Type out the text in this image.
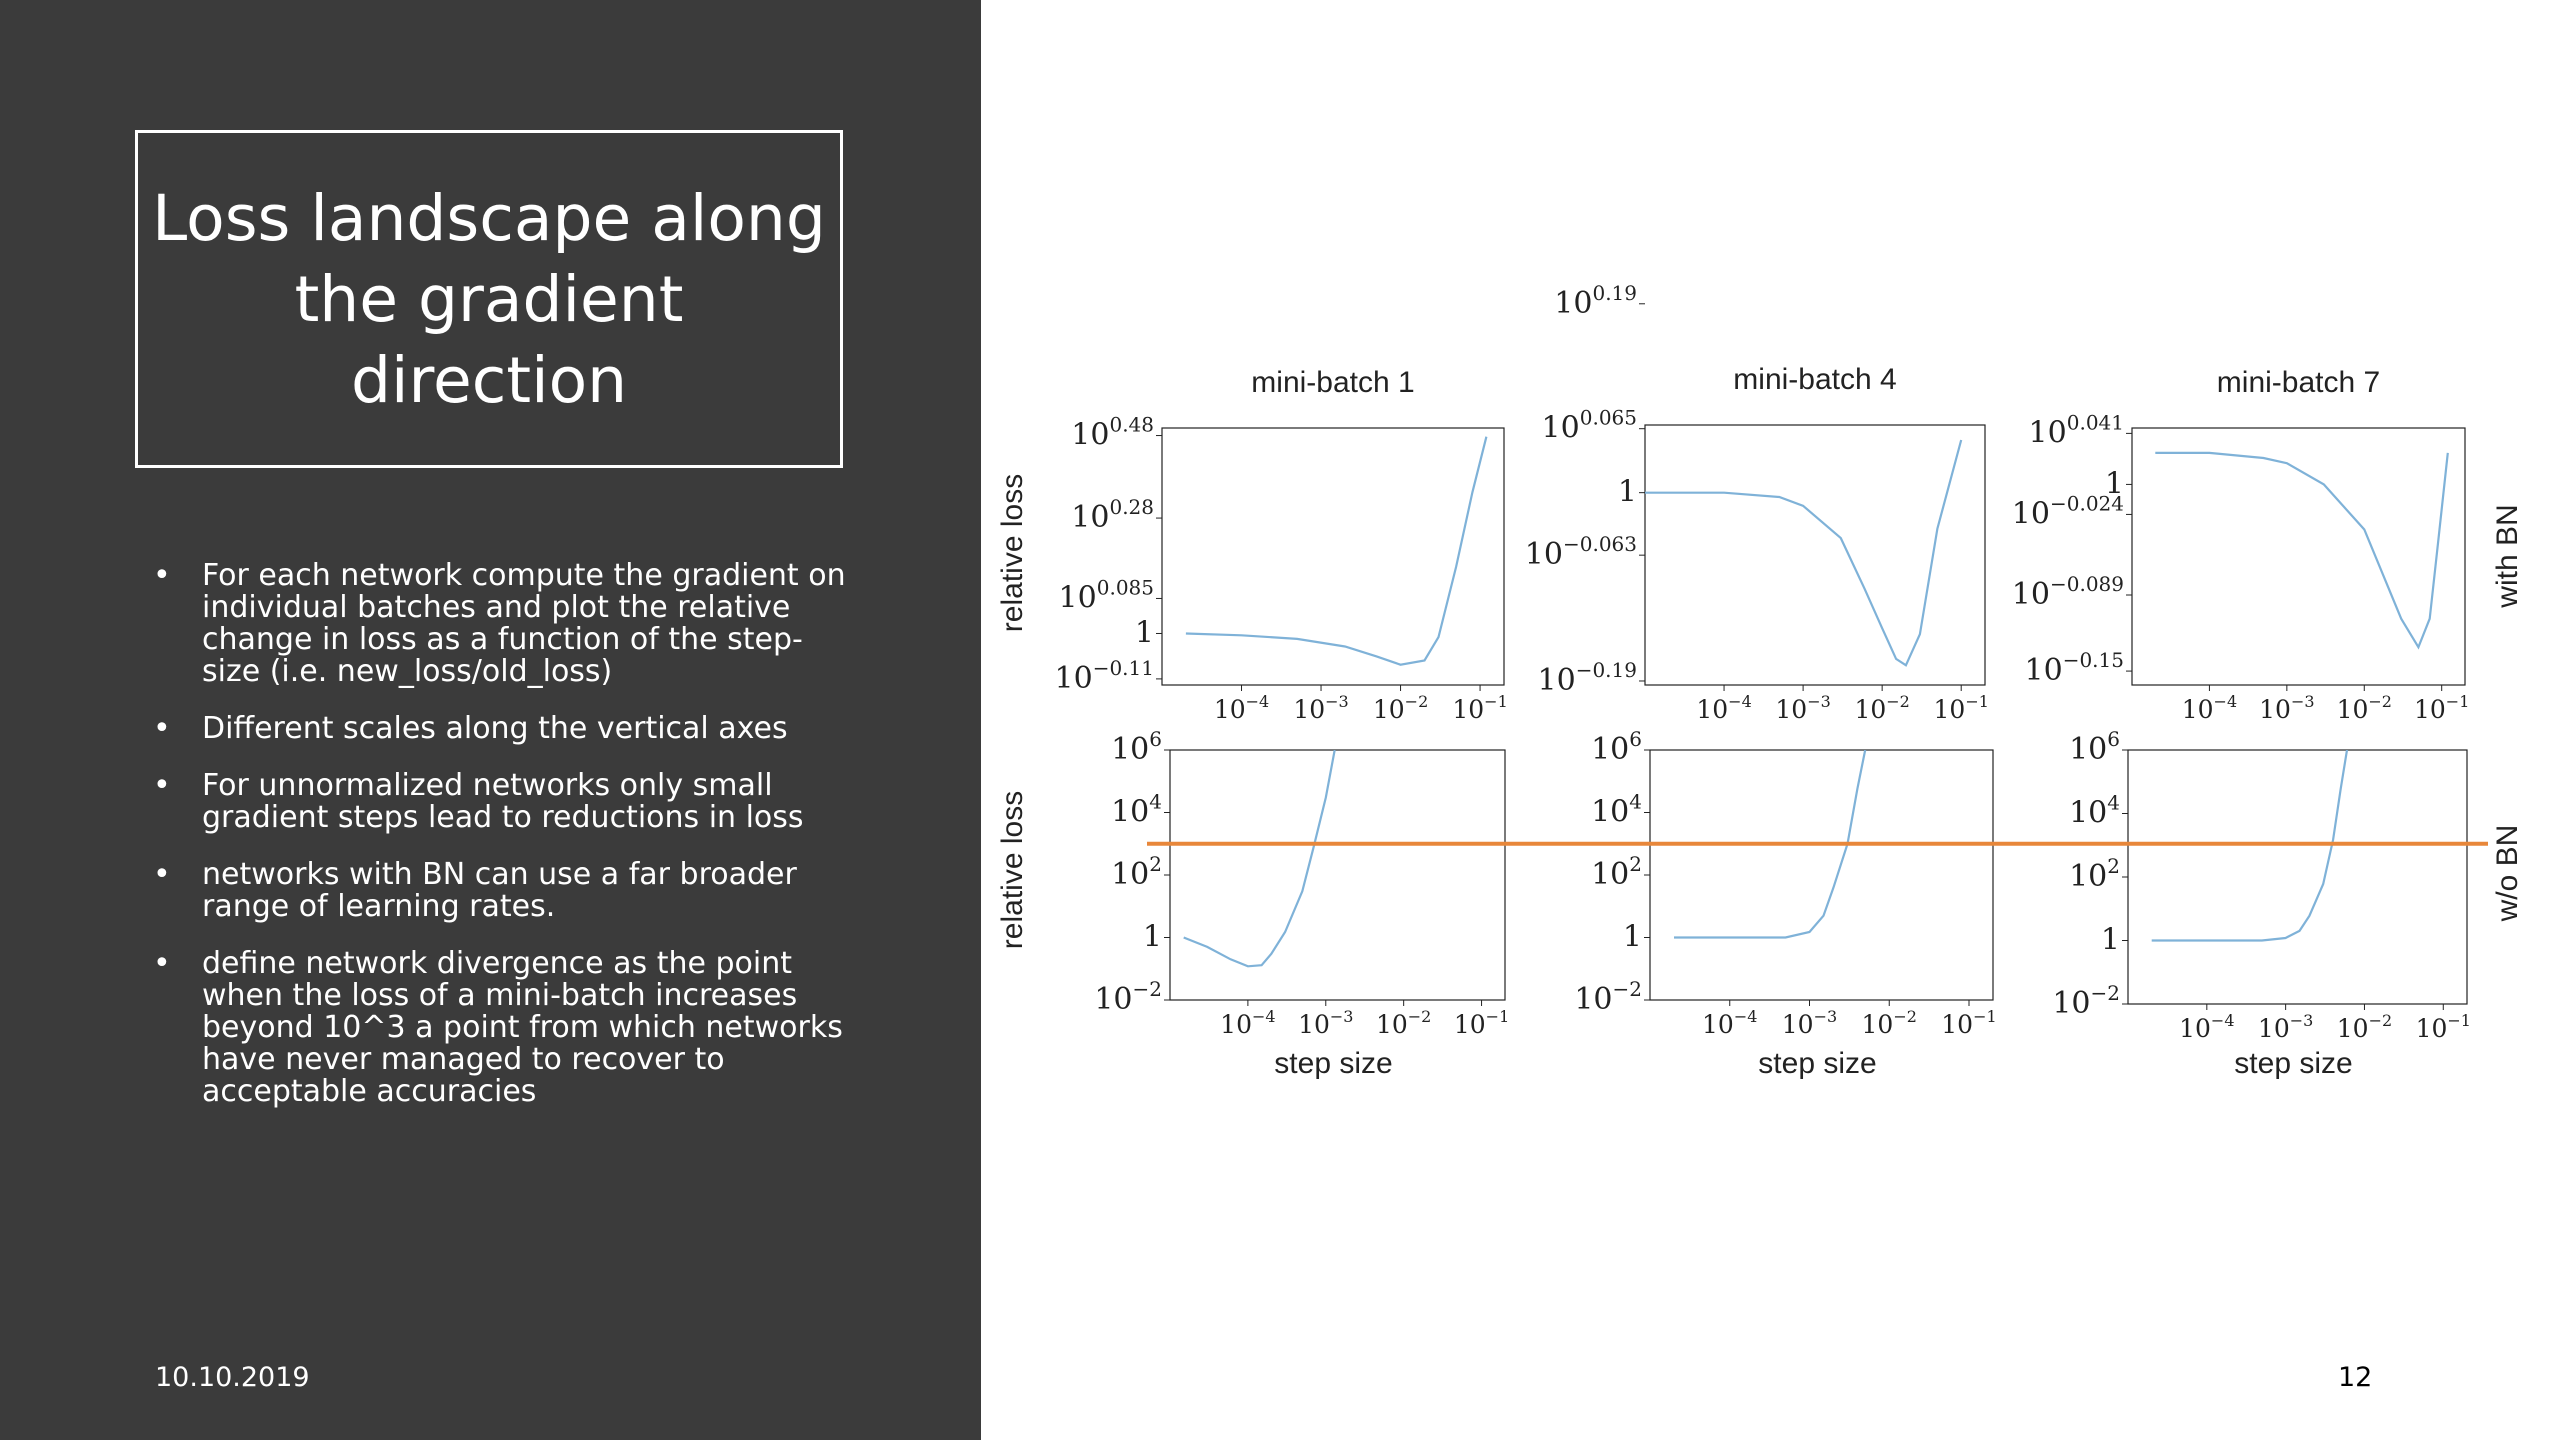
Loss landscape along the gradient direction
• For each network compute the gradient on individual batches and plot the relative change in loss as a function of the step-size (i.e. new_loss/old_loss)
• Different scales along the vertical axes
• For unnormalized networks only small gradient steps lead to reductions in loss
• networks with BN can use a far broader range of learning rates.
• define network divergence as the point when the loss of a mini-batch increases beyond 10^3 a point from which networks have never managed to recover to acceptable accuracies
10.10.2019	12
$10^{-4}$ $10^{-3}$ $10^{-2}$ $10^{-1}$
$10^{0.48}$
$10^{0.28}$
$10^{0.085}$
1
$10^{-0.11}$
mini-batch 1
$10^{-4}$ $10^{-3}$ $10^{-2}$ $10^{-1}$
$10^{0.065}$
$10^{0.19}$
1
$10^{-0.063}$
$10^{-0.19}$
mini-batch 4
$10^{-4}$ $10^{-3}$ $10^{-2}$ $10^{-1}$
$10^{0.041}$
1
$10^{-0.024}$
$10^{-0.089}$
$10^{-0.15}$
mini-batch 7
$10^{-4}$ $10^{-3}$ $10^{-2}$ $10^{-1}$
$10^6$
$10^4$
$10^2$
1
$10^{-2}$
step size
$10^{-4}$ $10^{-3}$ $10^{-2}$ $10^{-1}$
$10^6$
$10^4$
$10^2$
1
$10^{-2}$
step size
$10^{-4}$ $10^{-3}$ $10^{-2}$ $10^{-1}$
$10^6$
$10^4$
$10^2$
1
$10^{-2}$
step size
relative loss	with BN
relative loss	w/o BN
